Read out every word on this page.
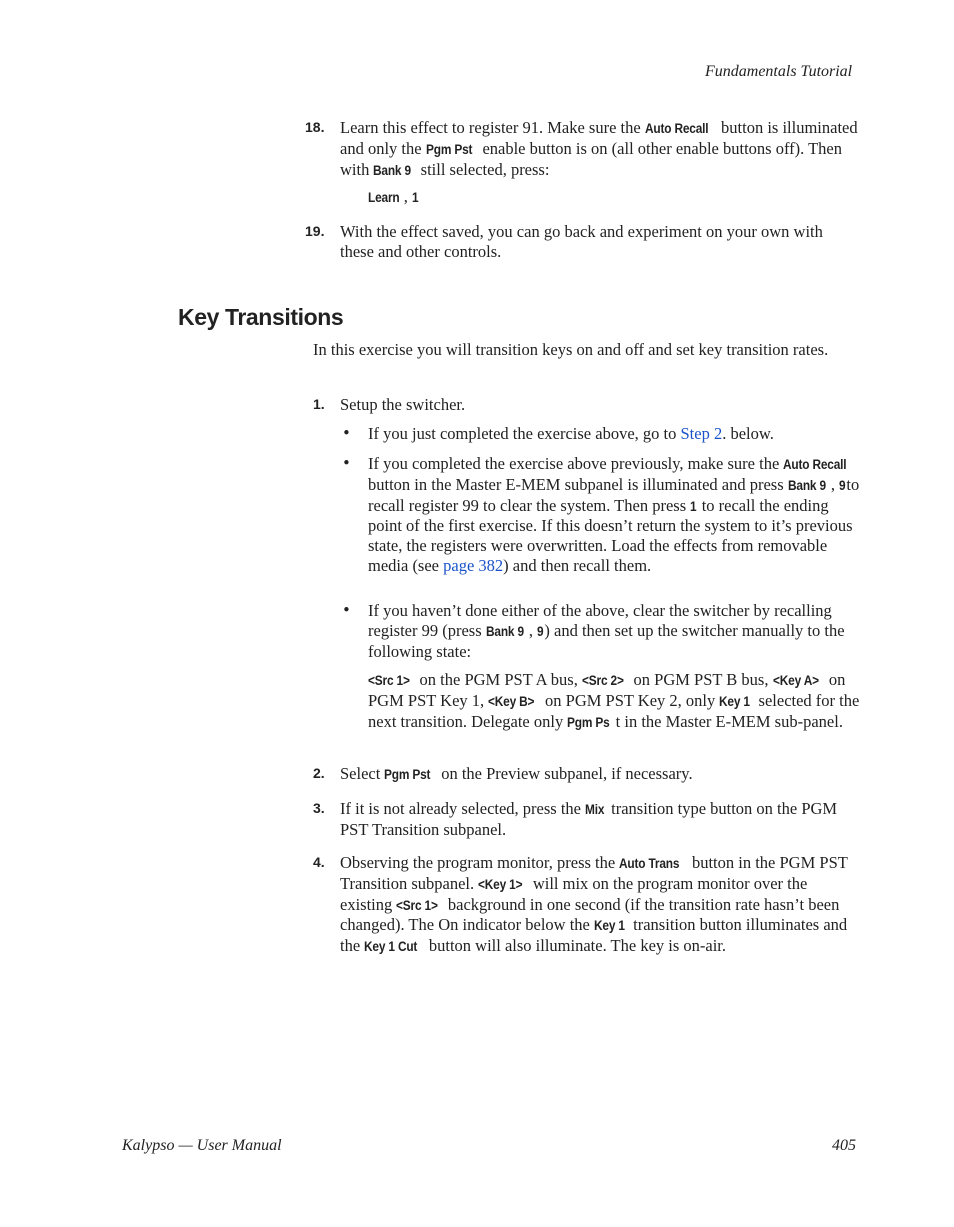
Fundamentals Tutorial
18. Learn this effect to register 91. Make sure the Auto Recall button is illuminated and only the Pgm Pst enable button is on (all other enable buttons off). Then with Bank 9 still selected, press:
Learn , 1
19. With the effect saved, you can go back and experiment on your own with these and other controls.
Key Transitions
In this exercise you will transition keys on and off and set key transition rates.
1. Setup the switcher.
• If you just completed the exercise above, go to Step 2. below.
• If you completed the exercise above previously, make sure the Auto Recall button in the Master E-MEM subpanel is illuminated and press Bank 9 , 9to recall register 99 to clear the system. Then press 1 to recall the ending point of the first exercise. If this doesn’t return the system to it’s previous state, the registers were overwritten. Load the effects from removable media (see page 382) and then recall them.
• If you haven’t done either of the above, clear the switcher by recalling register 99 (press Bank 9 , 9) and then set up the switcher manually to the following state:
<Src 1> on the PGM PST A bus, <Src 2> on PGM PST B bus, <Key A> on PGM PST Key 1, <Key B> on PGM PST Key 2, only Key 1 selected for the next transition. Delegate only Pgm Ps t in the Master E-MEM sub-panel.
2. Select Pgm Pst on the Preview subpanel, if necessary.
3. If it is not already selected, press the Mix transition type button on the PGM PST Transition subpanel.
4. Observing the program monitor, press the Auto Trans button in the PGM PST Transition subpanel. <Key 1> will mix on the program monitor over the existing <Src 1> background in one second (if the transition rate hasn’t been changed). The On indicator below the Key 1 transition button illuminates and the Key 1 Cut button will also illuminate. The key is on-air.
Kalypso — User Manual	405
